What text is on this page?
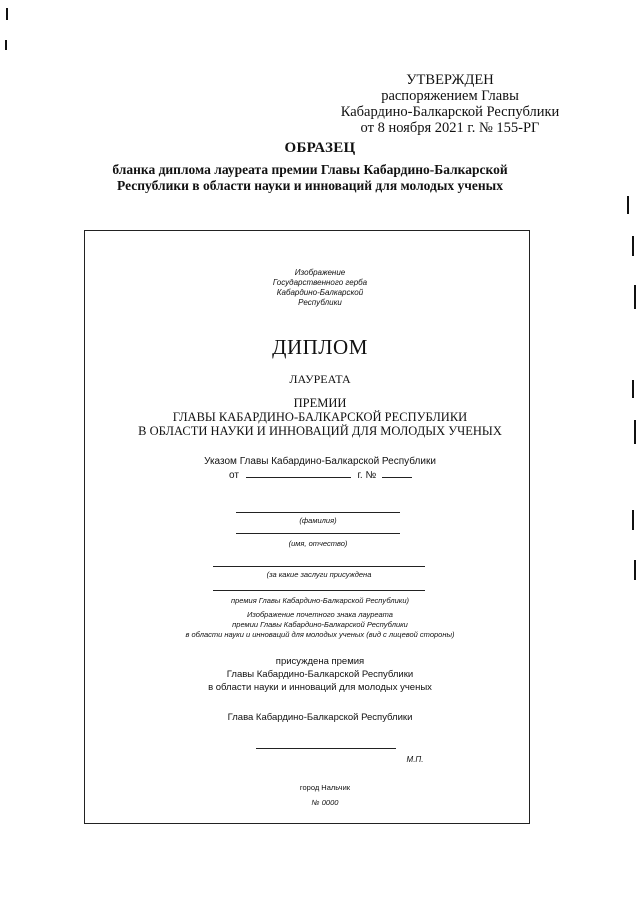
УТВЕРЖДЕН
распоряжением Главы
Кабардино-Балкарской Республики
от 8 ноября 2021 г. № 155-РГ
ОБРАЗЕЦ
бланка диплома лауреата премии Главы Кабардино-Балкарской
Республики в области науки и инноваций для молодых ученых
Изображение
Государственного герба
Кабардино-Балкарской
Республики
ДИПЛОМ
ЛАУРЕАТА
ПРЕМИИ
ГЛАВЫ КАБАРДИНО-БАЛКАРСКОЙ РЕСПУБЛИКИ
В ОБЛАСТИ НАУКИ И ИННОВАЦИЙ ДЛЯ МОЛОДЫХ УЧЕНЫХ
Указом Главы Кабардино-Балкарской Республики
от	г. №
(фамилия)
(имя, отчество)
(за какие заслуги присуждена
премия Главы Кабардино-Балкарской Республики)
Изображение почетного знака лауреата
премии Главы Кабардино-Балкарской Республики
в области науки и инноваций для молодых ученых (вид с лицевой стороны)
присуждена премия
Главы Кабардино-Балкарской Республики
в области науки и инноваций для молодых ученых
Глава Кабардино-Балкарской Республики
М.П.
город Нальчик
№ 0000
